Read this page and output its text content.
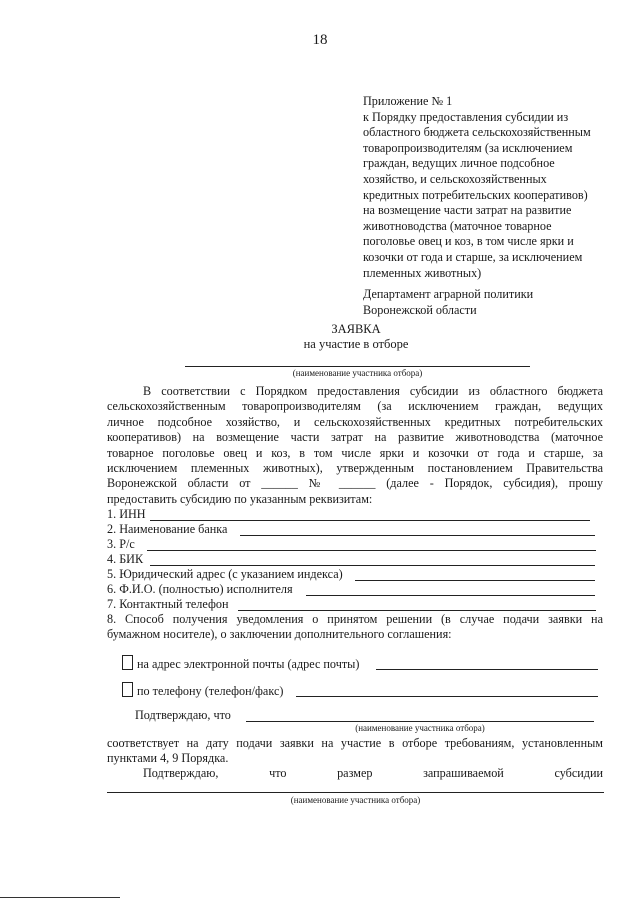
18
Приложение № 1
к Порядку предоставления субсидии из
областного бюджета сельскохозяйственным
товаропроизводителям (за исключением
граждан, ведущих личное подсобное
хозяйство, и сельскохозяйственных
кредитных потребительских кооперативов)
на возмещение части затрат на развитие
животноводства (маточное товарное
поголовье овец и коз, в том числе ярки и
козочки от года и старше, за исключением
племенных животных)
Департамент аграрной политики
Воронежской области
ЗАЯВКА
на участие в отборе
(наименование участника отбора)
В соответствии с Порядком предоставления субсидии из областного бюджета
сельскохозяйственным товаропроизводителям (за исключением граждан, ведущих
личное подсобное хозяйство, и сельскохозяйственных кредитных потребительских
кооперативов) на возмещение части затрат на развитие животноводства (маточное
товарное поголовье овец и коз, в том числе ярки и козочки от года и старше, за
исключением племенных животных), утвержденным постановлением Правительства
Воронежской области от ______ № ______ (далее - Порядок, субсидия), прошу
предоставить субсидию по указанным реквизитам:
1. ИНН
2. Наименование банка
3. Р/с
4. БИК
5. Юридический адрес (с указанием индекса)
6. Ф.И.О. (полностью) исполнителя
7. Контактный телефон
8. Способ получения уведомления о принятом решении (в случае подачи заявки на
бумажном носителе), о заключении дополнительного соглашения:
на адрес электронной почты (адрес почты)
по телефону (телефон/факс)
Подтверждаю, что
(наименование участника отбора)
соответствует на дату подачи заявки на участие в отборе требованиям, установленным
пунктами 4, 9 Порядка.
Подтверждаю, что размер запрашиваемой субсидии
(наименование участника отбора)
